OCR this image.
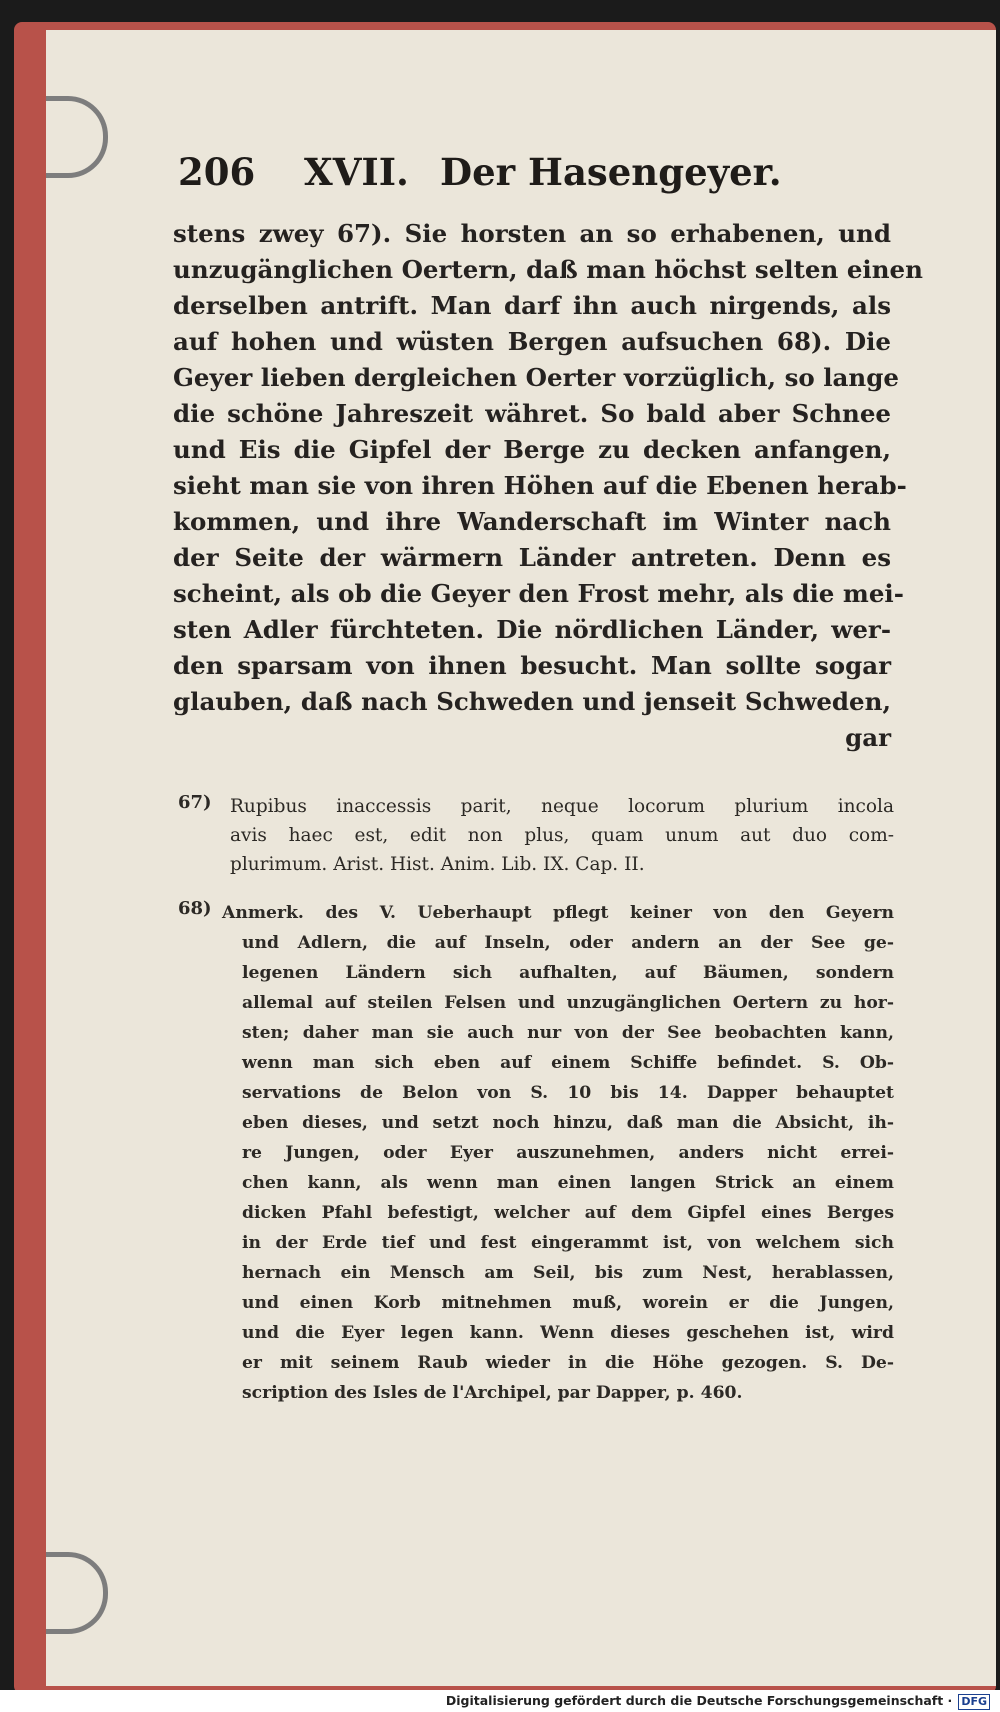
206 XVII. Der Hasengeyer.
stens zwey 67). Sie horsten an so erhabenen, und
unzugänglichen Oertern, daß man höchst selten einen
derselben antrift. Man darf ihn auch nirgends, als
auf hohen und wüsten Bergen aufsuchen 68). Die
Geyer lieben dergleichen Oerter vorzüglich, so lange
die schöne Jahreszeit währet. So bald aber Schnee
und Eis die Gipfel der Berge zu decken anfangen,
sieht man sie von ihren Höhen auf die Ebenen herab-
kommen, und ihre Wanderschaft im Winter nach
der Seite der wärmern Länder antreten. Denn es
scheint, als ob die Geyer den Frost mehr, als die mei-
sten Adler fürchteten. Die nördlichen Länder, wer-
den sparsam von ihnen besucht. Man sollte sogar
glauben, daß nach Schweden und jenseit Schweden,
gar
67) Rupibus inaccessis parit, neque locorum plurium incola
avis haec est, edit non plus, quam unum aut duo com-
plurimum. Arist. Hist. Anim. Lib. IX. Cap. II.
68) Anmerk. des V. Ueberhaupt pflegt keiner von den Geyern
und Adlern, die auf Inseln, oder andern an der See ge-
legenen Ländern sich aufhalten, auf Bäumen, sondern
allemal auf steilen Felsen und unzugänglichen Oertern zu hor-
sten; daher man sie auch nur von der See beobachten kann,
wenn man sich eben auf einem Schiffe befindet. S. Ob-
servations de Belon von S. 10 bis 14. Dapper behauptet
eben dieses, und setzt noch hinzu, daß man die Absicht, ih-
re Jungen, oder Eyer auszunehmen, anders nicht errei-
chen kann, als wenn man einen langen Strick an einem
dicken Pfahl befestigt, welcher auf dem Gipfel eines Berges
in der Erde tief und fest eingerammt ist, von welchem sich
hernach ein Mensch am Seil, bis zum Nest, herablassen,
und einen Korb mitnehmen muß, worein er die Jungen,
und die Eyer legen kann. Wenn dieses geschehen ist, wird
er mit seinem Raub wieder in die Höhe gezogen. S. De-
scription des Isles de l'Archipel, par Dapper, p. 460.
Digitalisierung gefördert durch die Deutsche Forschungsgemeinschaft · DFG
